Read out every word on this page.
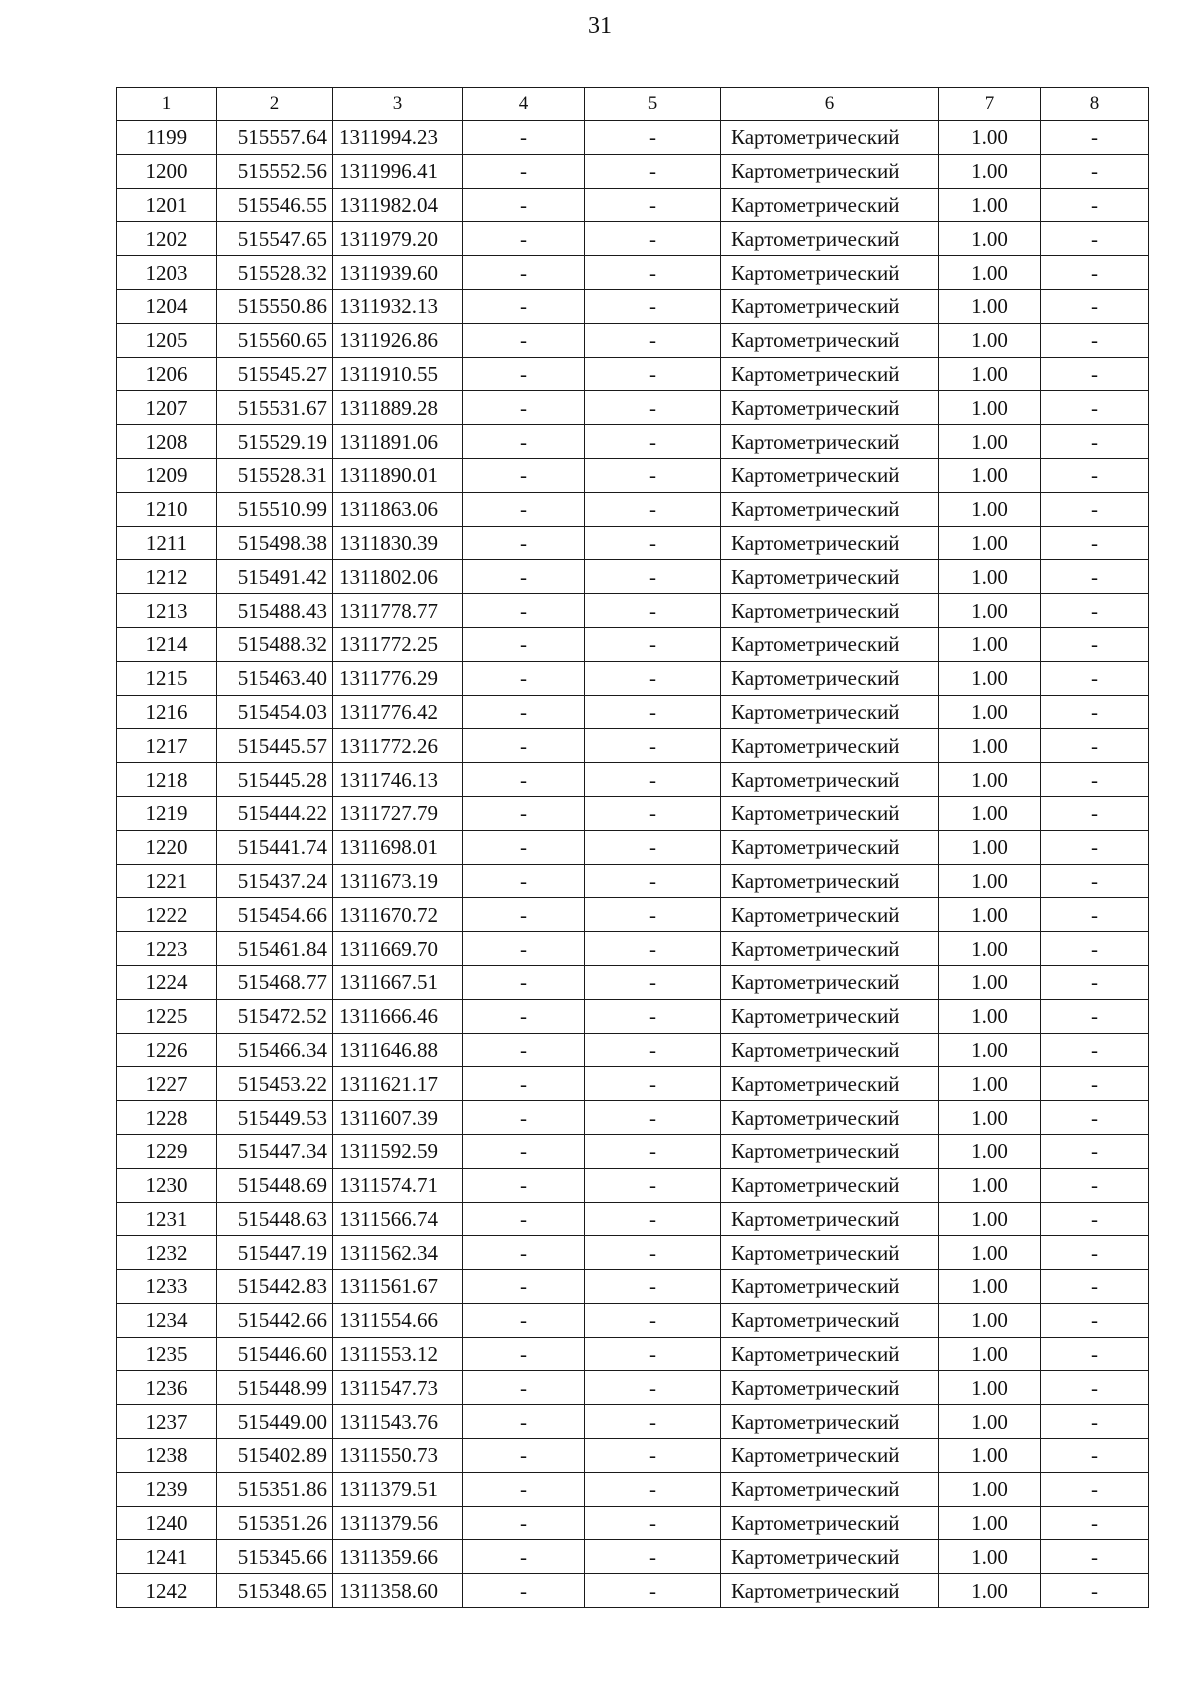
31
1	2	3	4	5	6	7	8
1199	515557.64	1311994.23	-	-	Картометрический	1.00	-
1200	515552.56	1311996.41	-	-	Картометрический	1.00	-
1201	515546.55	1311982.04	-	-	Картометрический	1.00	-
1202	515547.65	1311979.20	-	-	Картометрический	1.00	-
1203	515528.32	1311939.60	-	-	Картометрический	1.00	-
1204	515550.86	1311932.13	-	-	Картометрический	1.00	-
1205	515560.65	1311926.86	-	-	Картометрический	1.00	-
1206	515545.27	1311910.55	-	-	Картометрический	1.00	-
1207	515531.67	1311889.28	-	-	Картометрический	1.00	-
1208	515529.19	1311891.06	-	-	Картометрический	1.00	-
1209	515528.31	1311890.01	-	-	Картометрический	1.00	-
1210	515510.99	1311863.06	-	-	Картометрический	1.00	-
1211	515498.38	1311830.39	-	-	Картометрический	1.00	-
1212	515491.42	1311802.06	-	-	Картометрический	1.00	-
1213	515488.43	1311778.77	-	-	Картометрический	1.00	-
1214	515488.32	1311772.25	-	-	Картометрический	1.00	-
1215	515463.40	1311776.29	-	-	Картометрический	1.00	-
1216	515454.03	1311776.42	-	-	Картометрический	1.00	-
1217	515445.57	1311772.26	-	-	Картометрический	1.00	-
1218	515445.28	1311746.13	-	-	Картометрический	1.00	-
1219	515444.22	1311727.79	-	-	Картометрический	1.00	-
1220	515441.74	1311698.01	-	-	Картометрический	1.00	-
1221	515437.24	1311673.19	-	-	Картометрический	1.00	-
1222	515454.66	1311670.72	-	-	Картометрический	1.00	-
1223	515461.84	1311669.70	-	-	Картометрический	1.00	-
1224	515468.77	1311667.51	-	-	Картометрический	1.00	-
1225	515472.52	1311666.46	-	-	Картометрический	1.00	-
1226	515466.34	1311646.88	-	-	Картометрический	1.00	-
1227	515453.22	1311621.17	-	-	Картометрический	1.00	-
1228	515449.53	1311607.39	-	-	Картометрический	1.00	-
1229	515447.34	1311592.59	-	-	Картометрический	1.00	-
1230	515448.69	1311574.71	-	-	Картометрический	1.00	-
1231	515448.63	1311566.74	-	-	Картометрический	1.00	-
1232	515447.19	1311562.34	-	-	Картометрический	1.00	-
1233	515442.83	1311561.67	-	-	Картометрический	1.00	-
1234	515442.66	1311554.66	-	-	Картометрический	1.00	-
1235	515446.60	1311553.12	-	-	Картометрический	1.00	-
1236	515448.99	1311547.73	-	-	Картометрический	1.00	-
1237	515449.00	1311543.76	-	-	Картометрический	1.00	-
1238	515402.89	1311550.73	-	-	Картометрический	1.00	-
1239	515351.86	1311379.51	-	-	Картометрический	1.00	-
1240	515351.26	1311379.56	-	-	Картометрический	1.00	-
1241	515345.66	1311359.66	-	-	Картометрический	1.00	-
1242	515348.65	1311358.60	-	-	Картометрический	1.00	-
